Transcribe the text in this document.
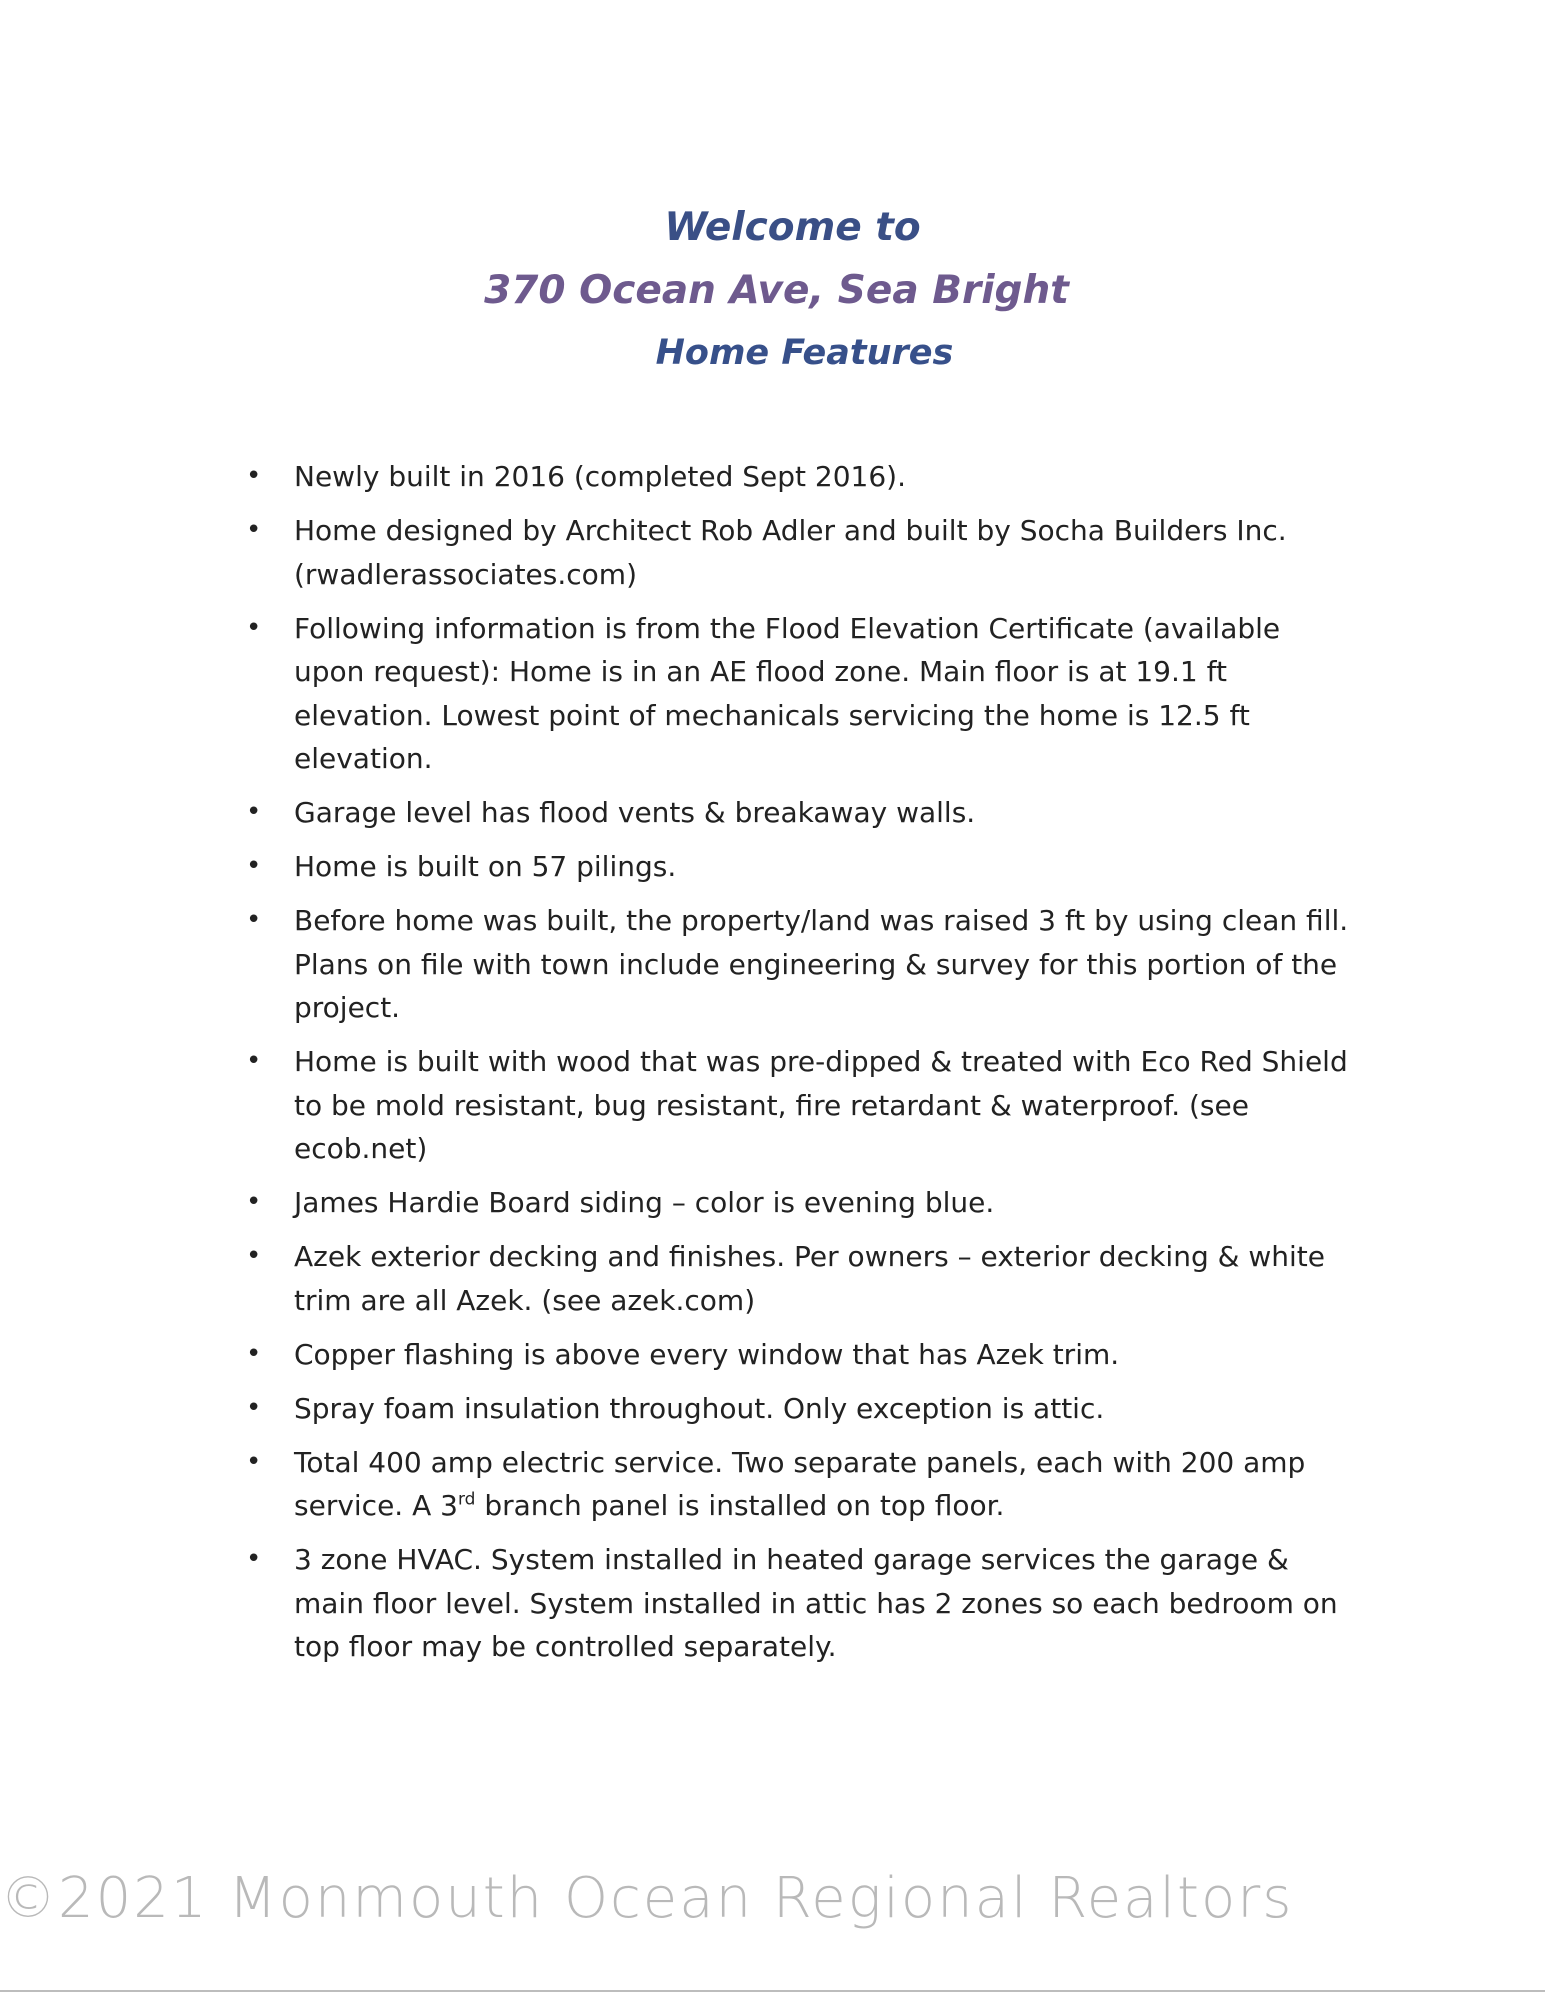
Welcome to
370 Ocean Ave, Sea Bright
Home Features
• Newly built in 2016 (completed Sept 2016).
• Home designed by Architect Rob Adler and built by Socha Builders Inc. (rwadlerassociates.com)
• Following information is from the Flood Elevation Certificate (available upon request): Home is in an AE flood zone. Main floor is at 19.1 ft elevation. Lowest point of mechanicals servicing the home is 12.5 ft elevation.
• Garage level has flood vents & breakaway walls.
• Home is built on 57 pilings.
• Before home was built, the property/land was raised 3 ft by using clean fill. Plans on file with town include engineering & survey for this portion of the project.
• Home is built with wood that was pre-dipped & treated with Eco Red Shield to be mold resistant, bug resistant, fire retardant & waterproof. (see ecob.net)
• James Hardie Board siding – color is evening blue.
• Azek exterior decking and finishes. Per owners – exterior decking & white trim are all Azek. (see azek.com)
• Copper flashing is above every window that has Azek trim.
• Spray foam insulation throughout. Only exception is attic.
• Total 400 amp electric service. Two separate panels, each with 200 amp service. A 3rd branch panel is installed on top floor.
• 3 zone HVAC. System installed in heated garage services the garage & main floor level. System installed in attic has 2 zones so each bedroom on top floor may be controlled separately.
©2021 Monmouth Ocean Regional Realtors
